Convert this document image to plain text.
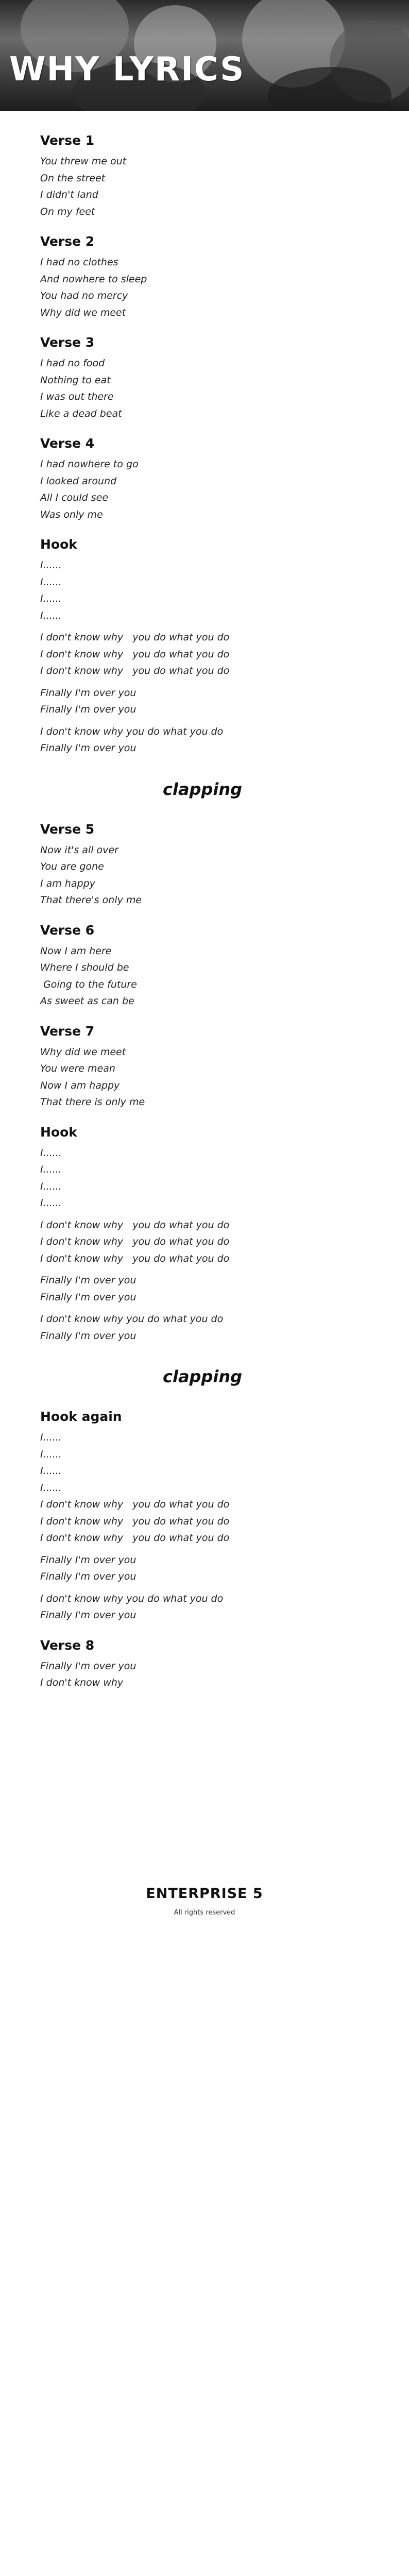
WHY LYRICS
Verse 1
You threw me out
On the street
I didn't land
On my feet
Verse 2
I had no clothes
And nowhere to sleep
You had no mercy
Why did we meet
Verse 3
I had no food
Nothing to eat
I was out there
Like a dead beat
Verse 4
I had nowhere to go
I looked around
All I could see
Was only me
Hook
I......
I......
I......
I......
I don't know why   you do what you do
I don't know why   you do what you do
I don't know why   you do what you do
Finally I'm over you
Finally I'm over you
I don't know why you do what you do
Finally I'm over you
clapping
Verse 5
Now it's all over
You are gone
I am happy
That there's only me
Verse 6
Now I am here
Where I should be
Going to the future
As sweet as can be
Verse 7
Why did we meet
You were mean
Now I am happy
That there is only me
Hook
I......
I......
I......
I......
I don't know why   you do what you do
I don't know why   you do what you do
I don't know why   you do what you do
Finally I'm over you
Finally I'm over you
I don't know why you do what you do
Finally I'm over you
clapping
Hook again
I......
I......
I......
I......
I don't know why   you do what you do
I don't know why   you do what you do
I don't know why   you do what you do
Finally I'm over you
Finally I'm over you
I don't know why you do what you do
Finally I'm over you
Verse 8
Finally I'm over you
I don't know why
ENTERPRISE 5
All rights reserved
